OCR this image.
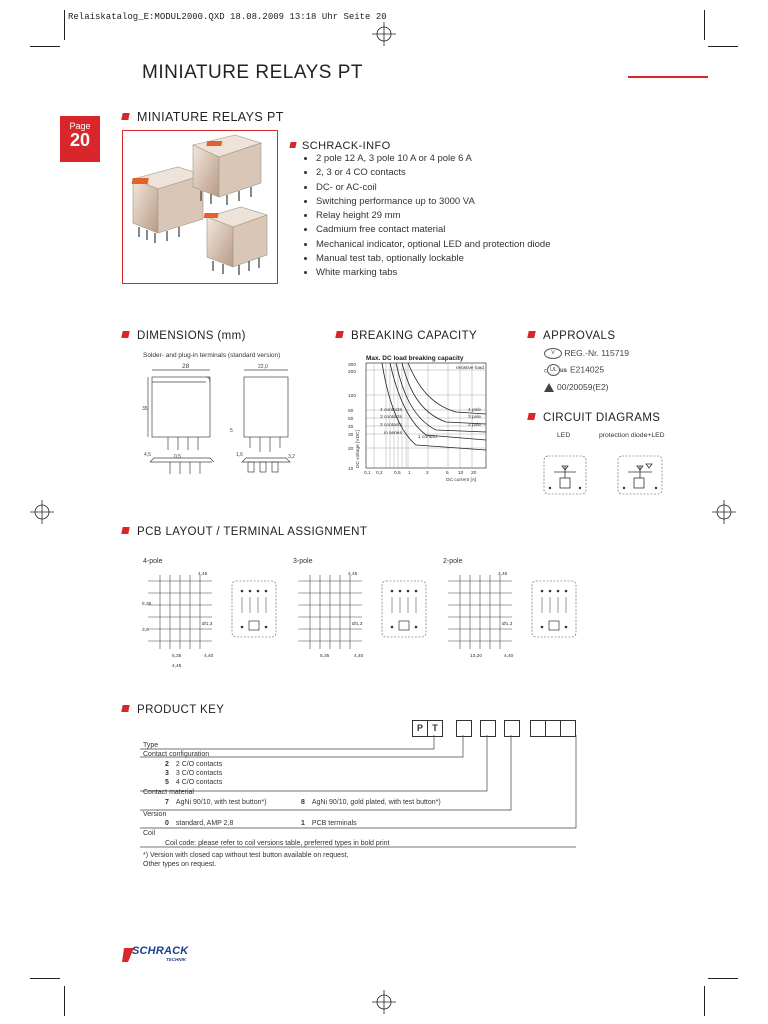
Relaiskatalog_E:MODUL2000.QXD 18.08.2009 13:18 Uhr Seite 20
MINIATURE RELAYS PT
Page
20
MINIATURE RELAYS PT
SCHRACK-INFO
• 2 pole 12 A, 3 pole 10 A or 4 pole 6 A
• 2, 3 or 4 CO contacts
• DC- or AC-coil
• Switching performance up to 3000 VA
• Relay height 29 mm
• Cadmium free contact material
• Mechanical indicator, optional LED and protection diode
• Manual test tab, optionally lockable
• White marking tabs
DIMENSIONS (mm)
Solder- and plug-in terminals (standard version)
28	22,0
35
4,5	0,5	1,6
5
3,2
BREAKING CAPACITY
Max. DC load breaking capacity
300
200
100
60
50
40
30
20
10
0,1 0,2 0,5 1	2	5 10 20
DC current [A]
resistive load
1 contact
4 contacts
3 contacts
2 contacts
in series
4 pole
3 pole
2 pole
DC voltage [VDC]
APPROVALS
V REG.-Nr. 115719
c UL us E214025
00/20059(E2)
CIRCUIT DIAGRAMS
LED	protection diode+LED
PCB LAYOUT / TERMINAL ASSIGNMENT
4-pole	3-pole	2-pole
4,45
6,35
3,6
Ø1,3
5,35	4,40
4,45
4,45
Ø1,3
5,35	4,40
4,45
Ø1,3
13,20	4,40
PRODUCT KEY
P	T
Type
Contact configuration
2 2 C/O contacts
3 3 C/O contacts
5 4 C/O contacts
Contact material
7 AgNi 90/10, with test button*)	8 AgNi 90/10, gold plated, with test button*)
Version
0 standard, AMP 2,8	1 PCB terminals
Coil
Coil code: please refer to coil versions table, preferred types in bold print
*) Version with closed cap without test button available on request,
Other types on request.
SCHRACK
TECHNIK
